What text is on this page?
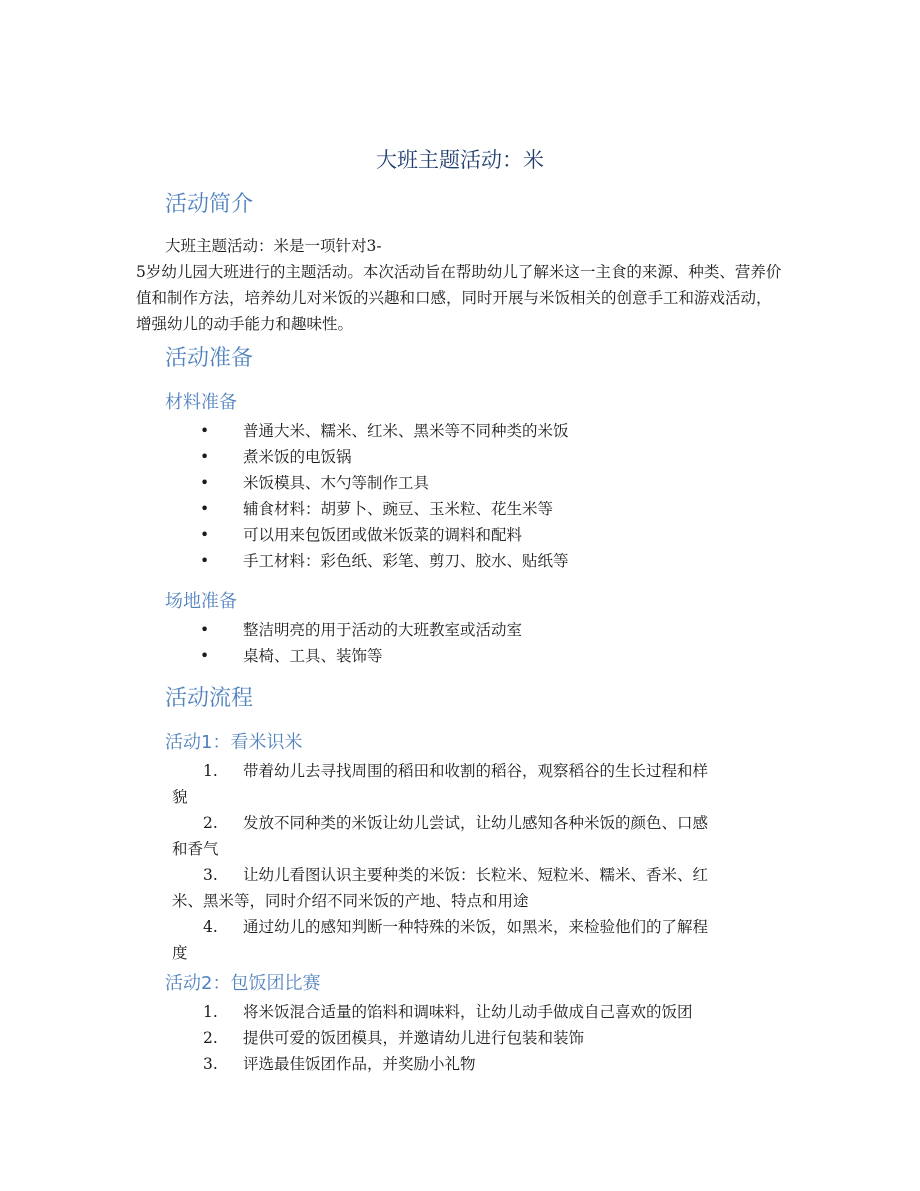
大班主题活动：米
活动简介
大班主题活动：米是一项针对3-
5岁幼儿园大班进行的主题活动。本次活动旨在帮助幼儿了解米这一主食的来源、种类、营养价值和制作方法，培养幼儿对米饭的兴趣和口感，同时开展与米饭相关的创意手工和游戏活动，增强幼儿的动手能力和趣味性。
活动准备
材料准备
• 普通大米、糯米、红米、黑米等不同种类的米饭
• 煮米饭的电饭锅
• 米饭模具、木勺等制作工具
• 辅食材料：胡萝卜、豌豆、玉米粒、花生米等
• 可以用来包饭团或做米饭菜的调料和配料
• 手工材料：彩色纸、彩笔、剪刀、胶水、贴纸等
场地准备
• 整洁明亮的用于活动的大班教室或活动室
• 桌椅、工具、装饰等
活动流程
活动1：看米识米
1. 带着幼儿去寻找周围的稻田和收割的稻谷，观察稻谷的生长过程和样
貌
2. 发放不同种类的米饭让幼儿尝试，让幼儿感知各种米饭的颜色、口感
和香气
3. 让幼儿看图认识主要种类的米饭：长粒米、短粒米、糯米、香米、红
米、黑米等，同时介绍不同米饭的产地、特点和用途
4. 通过幼儿的感知判断一种特殊的米饭，如黑米，来检验他们的了解程
度
活动2：包饭团比赛
1. 将米饭混合适量的馅料和调味料，让幼儿动手做成自己喜欢的饭团
2. 提供可爱的饭团模具，并邀请幼儿进行包装和装饰
3. 评选最佳饭团作品，并奖励小礼物
